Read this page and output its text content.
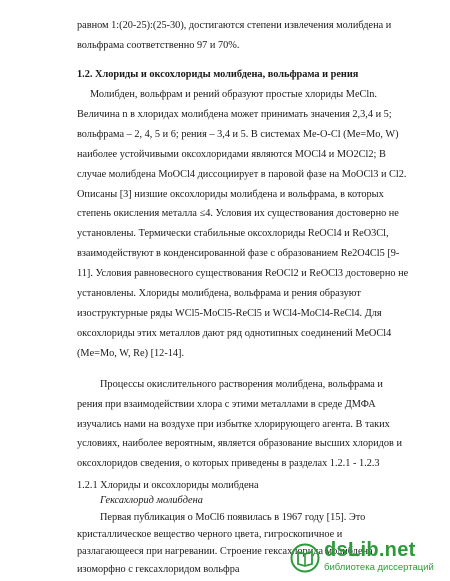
равном 1:(20-25):(25-30), достигаются степени извлечения молибдена и
вольфрама соответственно 97 и 70%.
1.2. Хлориды и оксохлориды молибдена, вольфрама и рения
Молибден, вольфрам и рений образуют простые хлориды MeCln.
Величина n в хлоридах молибдена может принимать значения 2,3,4 и 5;
вольфрама – 2, 4, 5 и 6; рения – 3,4 и 5. В системах Me-O-Cl (Me=Mo, W)
наиболее устойчивыми оксохлоридами являются MOCl4 и MO2Cl2; В
случае молибдена MoOCl4 диссоциирует в паровой фазе на MoOCl3 и Cl2.
Описаны [3] низшие оксохлориды молибдена и вольфрама, в которых
степень окисления металла ≤4. Условия их существования достоверно не
установлены. Термически стабильные оксохлориды ReOCl4 и ReO3Cl,
взаимодействуют в конденсированной фазе с образованием Re2O4Cl5 [9-
11]. Условия равновесного существования ReOCl2 и ReOCl3 достоверно не
установлены. Хлориды молибдена, вольфрама и рения образуют
изоструктурные ряды WCl5-MoCl5-ReCl5 и WCl4-MoCl4-ReCl4. Для
оксохлориды этих металлов дают ряд однотипных соединений MeOCl4
(Me=Mo, W, Re) [12-14].
Процессы окислительного растворения молибдена, вольфрама и
рения при взаимодействии хлора с этими металлами в среде ДМФА
изучались нами на воздухе при избытке хлорирующего агента. В таких
условиях, наиболее вероятным, является образование высших хлоридов и
оксохлоридов сведения, о которых приведены в разделах 1.2.1 - 1.2.3
1.2.1 Хлориды и оксохлориды молибдена
Гексахлорид молибдена
Первая публикация о MoCl6 появилась в 1967 году [15]. Это
кристаллическое вещество черного цвета, гигроскопичное и
разлагающееся при нагревании. Строение гексахлорида молибдена
изоморфно с гексахлоридом вольфра
dsLib.net
библиотека диссертаций
